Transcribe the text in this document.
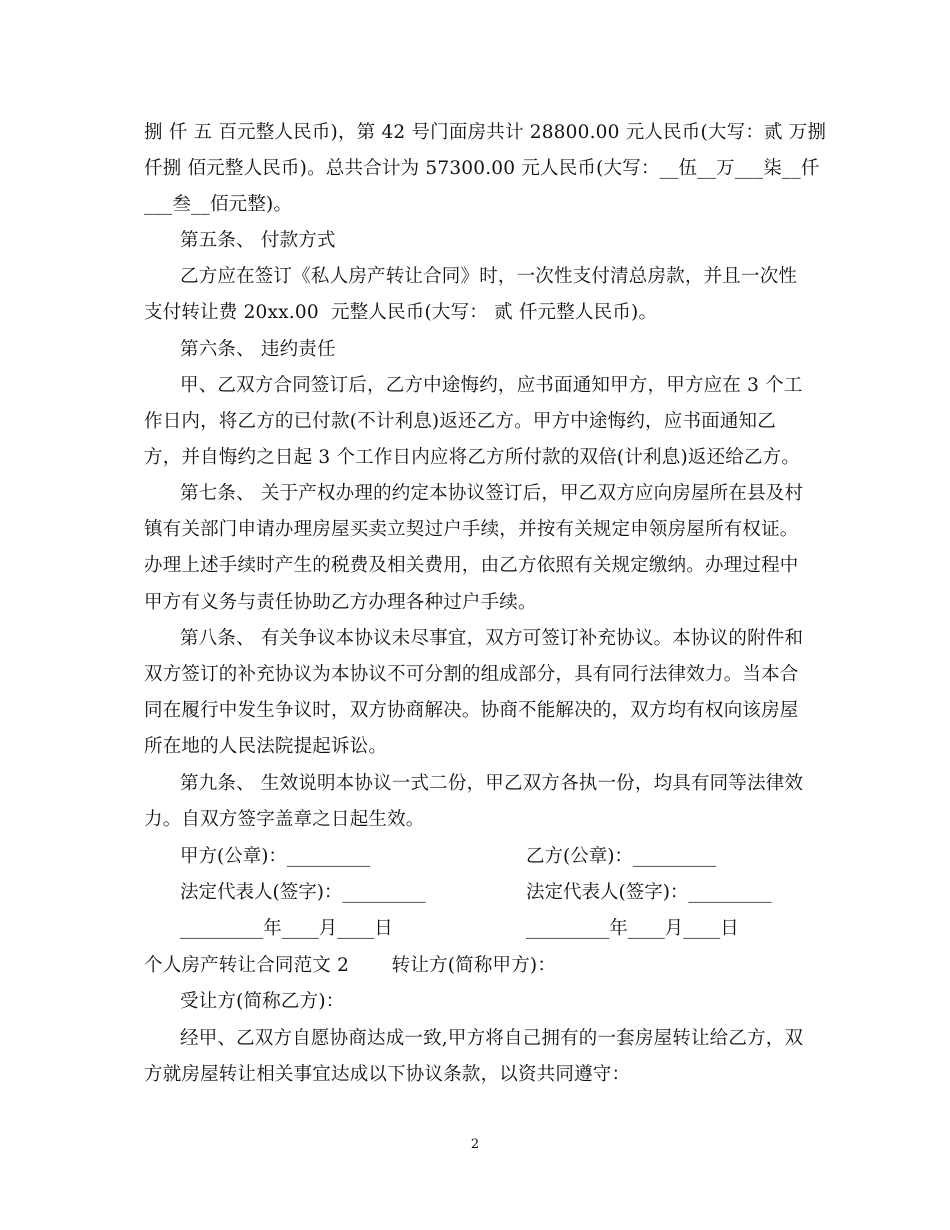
捌 仟 五 百元整人民币)，第 42 号门面房共计 28800.00 元人民币(大写：贰 万捌
仟捌 佰元整人民币)。总共合计为 57300.00 元人民币(大写：__伍__万___柒__仟
___叁__佰元整)。
第五条、 付款方式
乙方应在签订《私人房产转让合同》时，一次性支付清总房款，并且一次性
支付转让费 20xx.00  元整人民币(大写： 贰 仟元整人民币)。
第六条、 违约责任
甲、乙双方合同签订后，乙方中途悔约，应书面通知甲方，甲方应在 3 个工
作日内，将乙方的已付款(不计利息)返还乙方。甲方中途悔约，应书面通知乙
方，并自悔约之日起 3 个工作日内应将乙方所付款的双倍(计利息)返还给乙方。
第七条、 关于产权办理的约定本协议签订后，甲乙双方应向房屋所在县及村
镇有关部门申请办理房屋买卖立契过户手续，并按有关规定申领房屋所有权证。
办理上述手续时产生的税费及相关费用，由乙方依照有关规定缴纳。办理过程中
甲方有义务与责任协助乙方办理各种过户手续。
第八条、 有关争议本协议未尽事宜，双方可签订补充协议。本协议的附件和
双方签订的补充协议为本协议不可分割的组成部分，具有同行法律效力。当本合
同在履行中发生争议时，双方协商解决。协商不能解决的，双方均有权向该房屋
所在地的人民法院提起诉讼。
第九条、 生效说明本协议一式二份，甲乙双方各执一份，均具有同等法律效
力。自双方签字盖章之日起生效。
甲方(公章)：_________	乙方(公章)：_________
法定代表人(签字)：_________	法定代表人(签字)：_________
_________年____月____日	_________年____月____日
个人房产转让合同范文 2       转让方(简称甲方)：
受让方(简称乙方)：
经甲、乙双方自愿协商达成一致,甲方将自己拥有的一套房屋转让给乙方，双
方就房屋转让相关事宜达成以下协议条款，以资共同遵守：
2
